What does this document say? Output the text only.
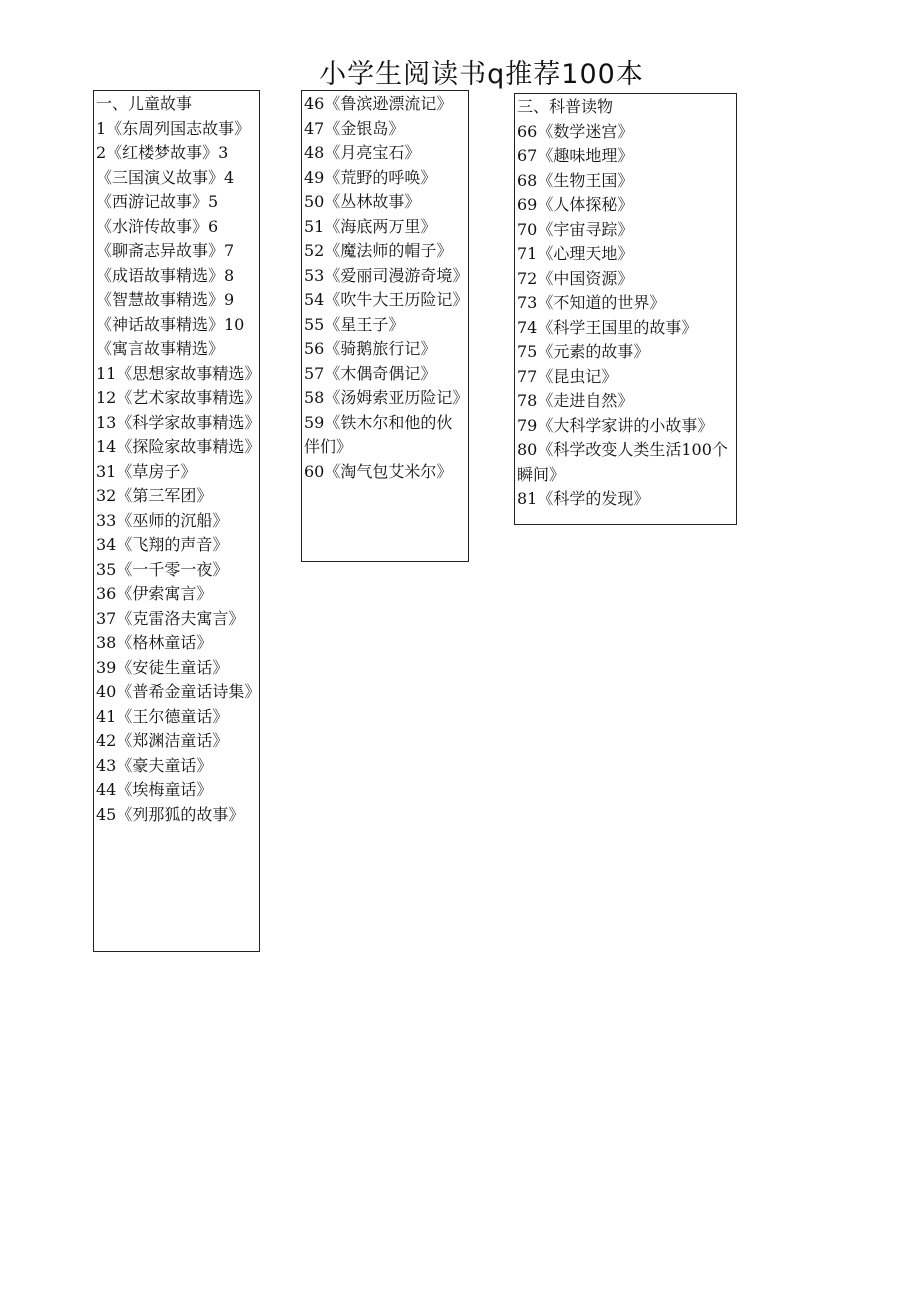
小学生阅读书q推荐100本
一、儿童故事
1《东周列国志故事》
2《红楼梦故事》3
《三国演义故事》4
《西游记故事》5
《水浒传故事》6
《聊斋志异故事》7
《成语故事精选》8
《智慧故事精选》9
《神话故事精选》10
《寓言故事精选》
11《思想家故事精选》
12《艺术家故事精选》
13《科学家故事精选》
14《探险家故事精选》
31《草房子》
32《第三军团》
33《巫师的沉船》
34《飞翔的声音》
35《一千零一夜》
36《伊索寓言》
37《克雷洛夫寓言》
38《格林童话》
39《安徒生童话》
40《普希金童话诗集》
41《王尔德童话》
42《郑渊洁童话》
43《豪夫童话》
44《埃梅童话》
45《列那狐的故事》
46《鲁滨逊漂流记》
47《金银岛》
48《月亮宝石》
49《荒野的呼唤》
50《丛林故事》
51《海底两万里》
52《魔法师的帽子》
53《爱丽司漫游奇境》
54《吹牛大王历险记》
55《星王子》
56《骑鹅旅行记》
57《木偶奇偶记》
58《汤姆索亚历险记》
59《铁木尔和他的伙伴们》
60《淘气包艾米尔》
三、科普读物
66《数学迷宫》
67《趣味地理》
68《生物王国》
69《人体探秘》
70《宇宙寻踪》
71《心理天地》
72《中国资源》
73《不知道的世界》
74《科学王国里的故事》
75《元素的故事》
77《昆虫记》
78《走进自然》
79《大科学家讲的小故事》
80《科学改变人类生活100个瞬间》
81《科学的发现》
